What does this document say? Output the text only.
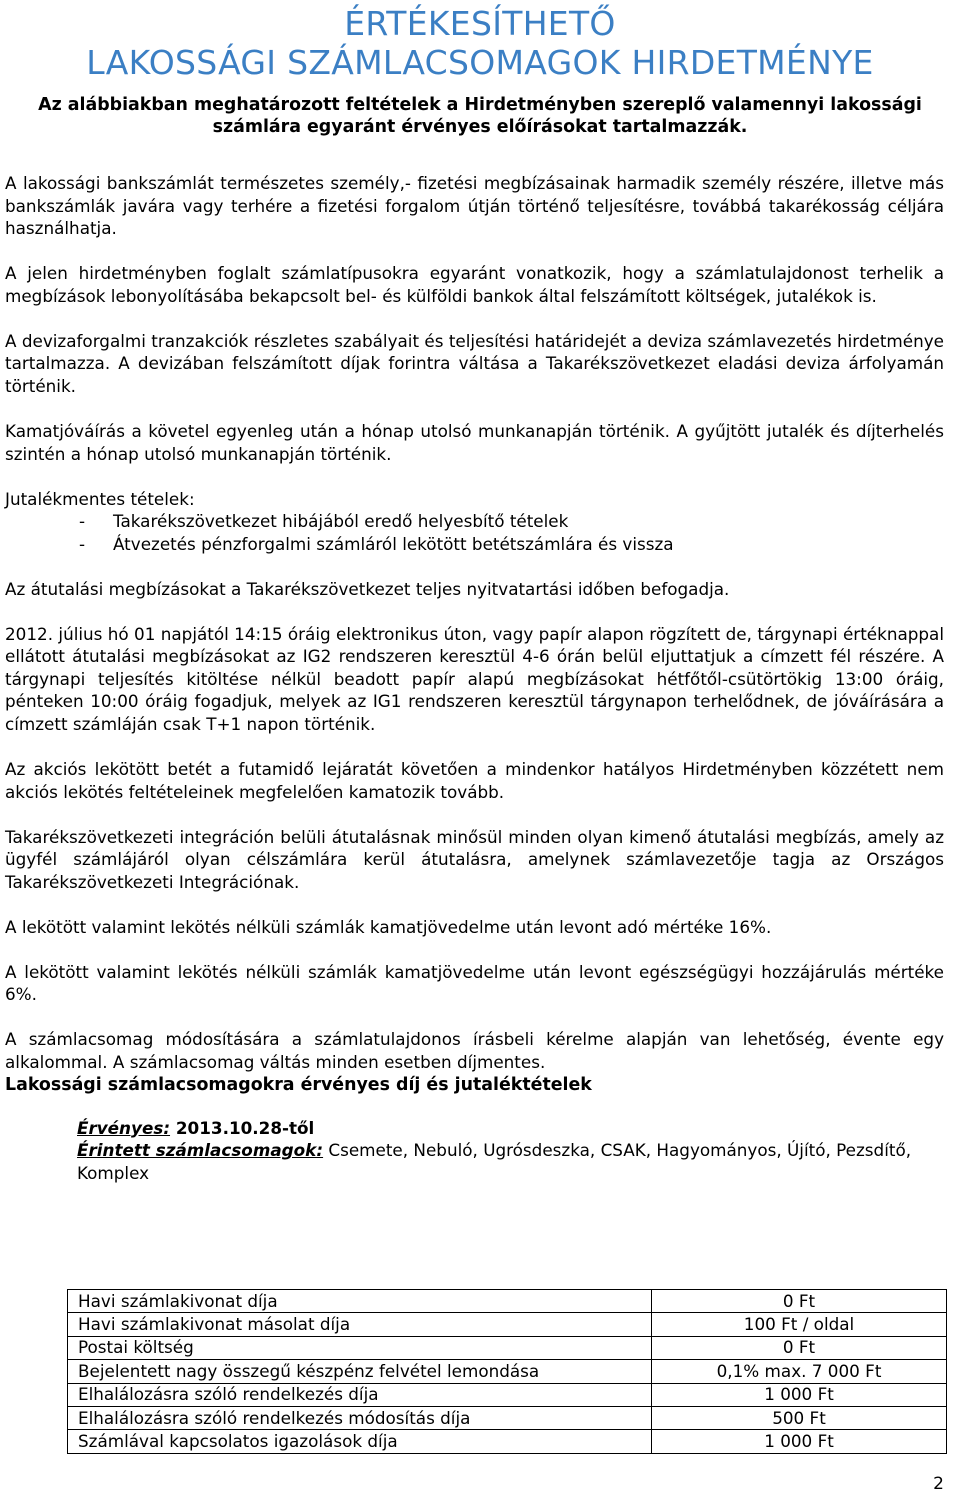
ÉRTÉKESÍTHETŐ
LAKOSSÁGI SZÁMLACSOMAGOK HIRDETMÉNYE

Az alábbiakban meghatározott feltételek a Hirdetményben szereplő valamennyi lakossági számlára egyaránt érvényes előírásokat tartalmazzák.

A lakossági bankszámlát természetes személy,- fizetési megbízásainak harmadik személy részére, illetve más bankszámlák javára vagy terhére a fizetési forgalom útján történő teljesítésre, továbbá takarékosság céljára használhatja.

A jelen hirdetményben foglalt számlatípusokra egyaránt vonatkozik, hogy a számlatulajdonost terhelik a megbízások lebonyolításába bekapcsolt bel- és külföldi bankok által felszámított költségek, jutalékok is.

A devizaforgalmi tranzakciók részletes szabályait és teljesítési határidejét a deviza számlavezetés hirdetménye tartalmazza. A devizában felszámított díjak forintra váltása a Takarékszövetkezet eladási deviza árfolyamán történik.

Kamatjóváírás a követel egyenleg után a hónap utolsó munkanapján történik. A gyűjtött jutalék és díjterhelés szintén a hónap utolsó munkanapján történik.

Jutalékmentes tételek:

-	Takarékszövetkezet hibájából eredő helyesbítő tételek
-	Átvezetés pénzforgalmi számláról lekötött betétszámlára és vissza

Az átutalási megbízásokat a Takarékszövetkezet teljes nyitvatartási időben befogadja.

2012. július hó 01 napjától 14:15 óráig elektronikus úton, vagy papír alapon rögzített de, tárgynapi értéknappal ellátott átutalási megbízásokat az IG2 rendszeren keresztül 4-6 órán belül eljuttatjuk a címzett fél részére. A tárgynapi teljesítés kitöltése nélkül beadott papír alapú megbízásokat hétfőtől-csütörtökig 13:00 óráig, pénteken 10:00 óráig fogadjuk, melyek az IG1 rendszeren keresztül tárgynapon terhelődnek, de jóváírására a címzett számláján csak T+1 napon történik.

Az akciós lekötött betét a futamidő lejáratát követően a mindenkor hatályos Hirdetményben közzétett nem akciós lekötés feltételeinek megfelelően kamatozik tovább.

Takarékszövetkezeti integráción belüli átutalásnak minősül minden olyan kimenő átutalási megbízás, amely az ügyfél számlájáról olyan célszámlára kerül átutalásra, amelynek számlavezetője tagja az Országos Takarékszövetkezeti Integrációnak.

A lekötött valamint lekötés nélküli számlák kamatjövedelme után levont adó mértéke 16%.

A lekötött valamint lekötés nélküli számlák kamatjövedelme után levont egészségügyi hozzájárulás mértéke 6%.

A számlacsomag módosítására a számlatulajdonos írásbeli kérelme alapján van lehetőség, évente egy alkalommal. A számlacsomag váltás minden esetben díjmentes.

Lakossági számlacsomagokra érvényes díj és jutaléktételek

Érvényes: 2013.10.28-től
Érintett számlacsomagok: Csemete, Nebuló, Ugrósdeszka, CSAK, Hagyományos, Újító, Pezsdítő, Komplex
Havi számlakivonat díja	0 Ft
Havi számlakivonat másolat díja	100 Ft / oldal
Postai költség	0 Ft
Bejelentett nagy összegű készpénz felvétel lemondása	0,1% max. 7 000 Ft
Elhalálozásra szóló rendelkezés díja	1 000 Ft
Elhalálozásra szóló rendelkezés módosítás díja	500 Ft
Számlával kapcsolatos igazolások díja	1 000 Ft
2
